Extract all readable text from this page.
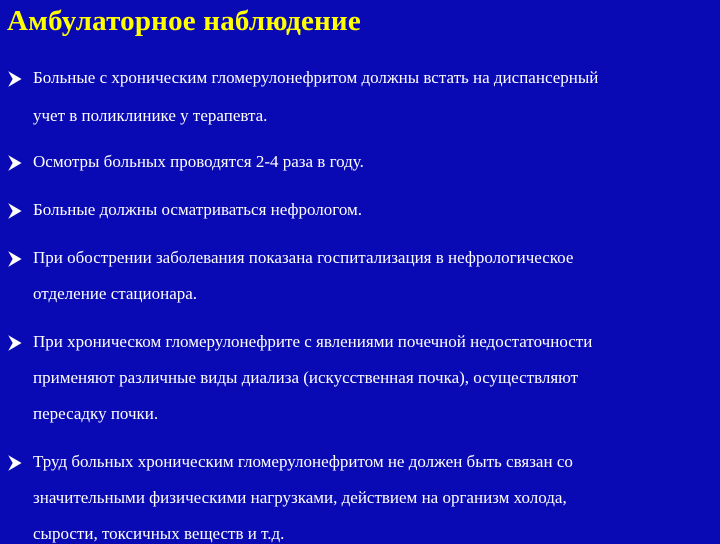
Амбулаторное наблюдение
Больные с хроническим гломерулонефритом должны встать на диспансерный
учет в поликлинике у терапевта.
Осмотры больных проводятся 2-4 раза в году.
Больные должны осматриваться нефрологом.
При обострении заболевания показана госпитализация в нефрологическое
отделение стационара.
При хроническом гломерулонефрите с явлениями почечной недостаточности
применяют различные виды диализа (искусственная почка), осуществляют
пересадку почки.
Труд больных хроническим гломерулонефритом не должен быть связан со
значительными физическими нагрузками, действием на организм холода,
сырости, токсичных веществ и т.д.
